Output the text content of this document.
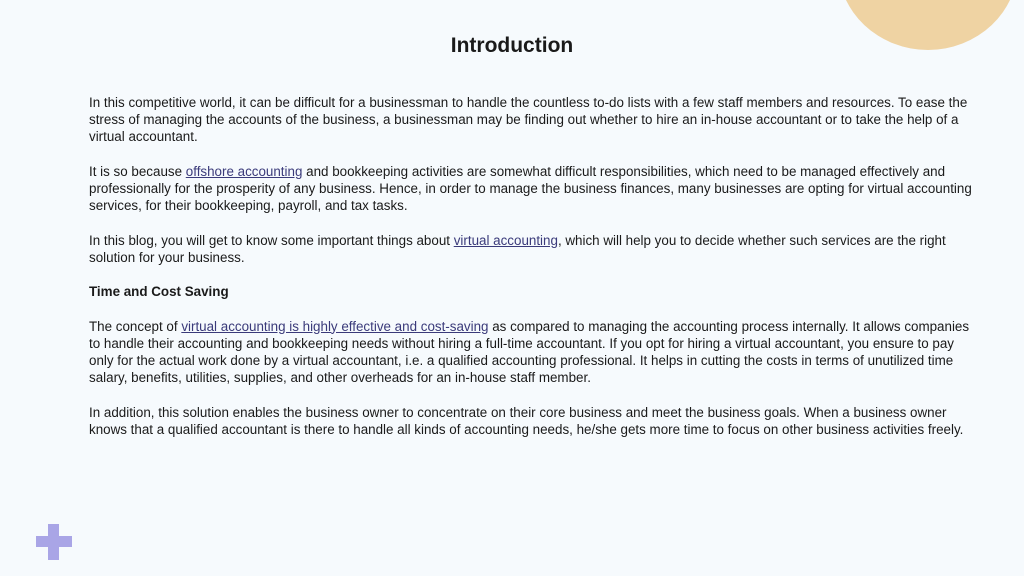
Introduction

In this competitive world, it can be difficult for a businessman to handle the countless to-do lists with a few staff members and resources. To ease the stress of managing the accounts of the business, a businessman may be finding out whether to hire an in-house accountant or to take the help of a virtual accountant.

It is so because offshore accounting and bookkeeping activities are somewhat difficult responsibilities, which need to be managed effectively and professionally for the prosperity of any business. Hence, in order to manage the business finances, many businesses are opting for virtual accounting services, for their bookkeeping, payroll, and tax tasks.

In this blog, you will get to know some important things about virtual accounting, which will help you to decide whether such services are the right solution for your business.

Time and Cost Saving

The concept of virtual accounting is highly effective and cost-saving as compared to managing the accounting process internally. It allows companies to handle their accounting and bookkeeping needs without hiring a full-time accountant. If you opt for hiring a virtual accountant, you ensure to pay only for the actual work done by a virtual accountant, i.e. a qualified accounting professional. It helps in cutting the costs in terms of unutilized time salary, benefits, utilities, supplies, and other overheads for an in-house staff member.

In addition, this solution enables the business owner to concentrate on their core business and meet the business goals. When a business owner knows that a qualified accountant is there to handle all kinds of accounting needs, he/she gets more time to focus on other business activities freely.
